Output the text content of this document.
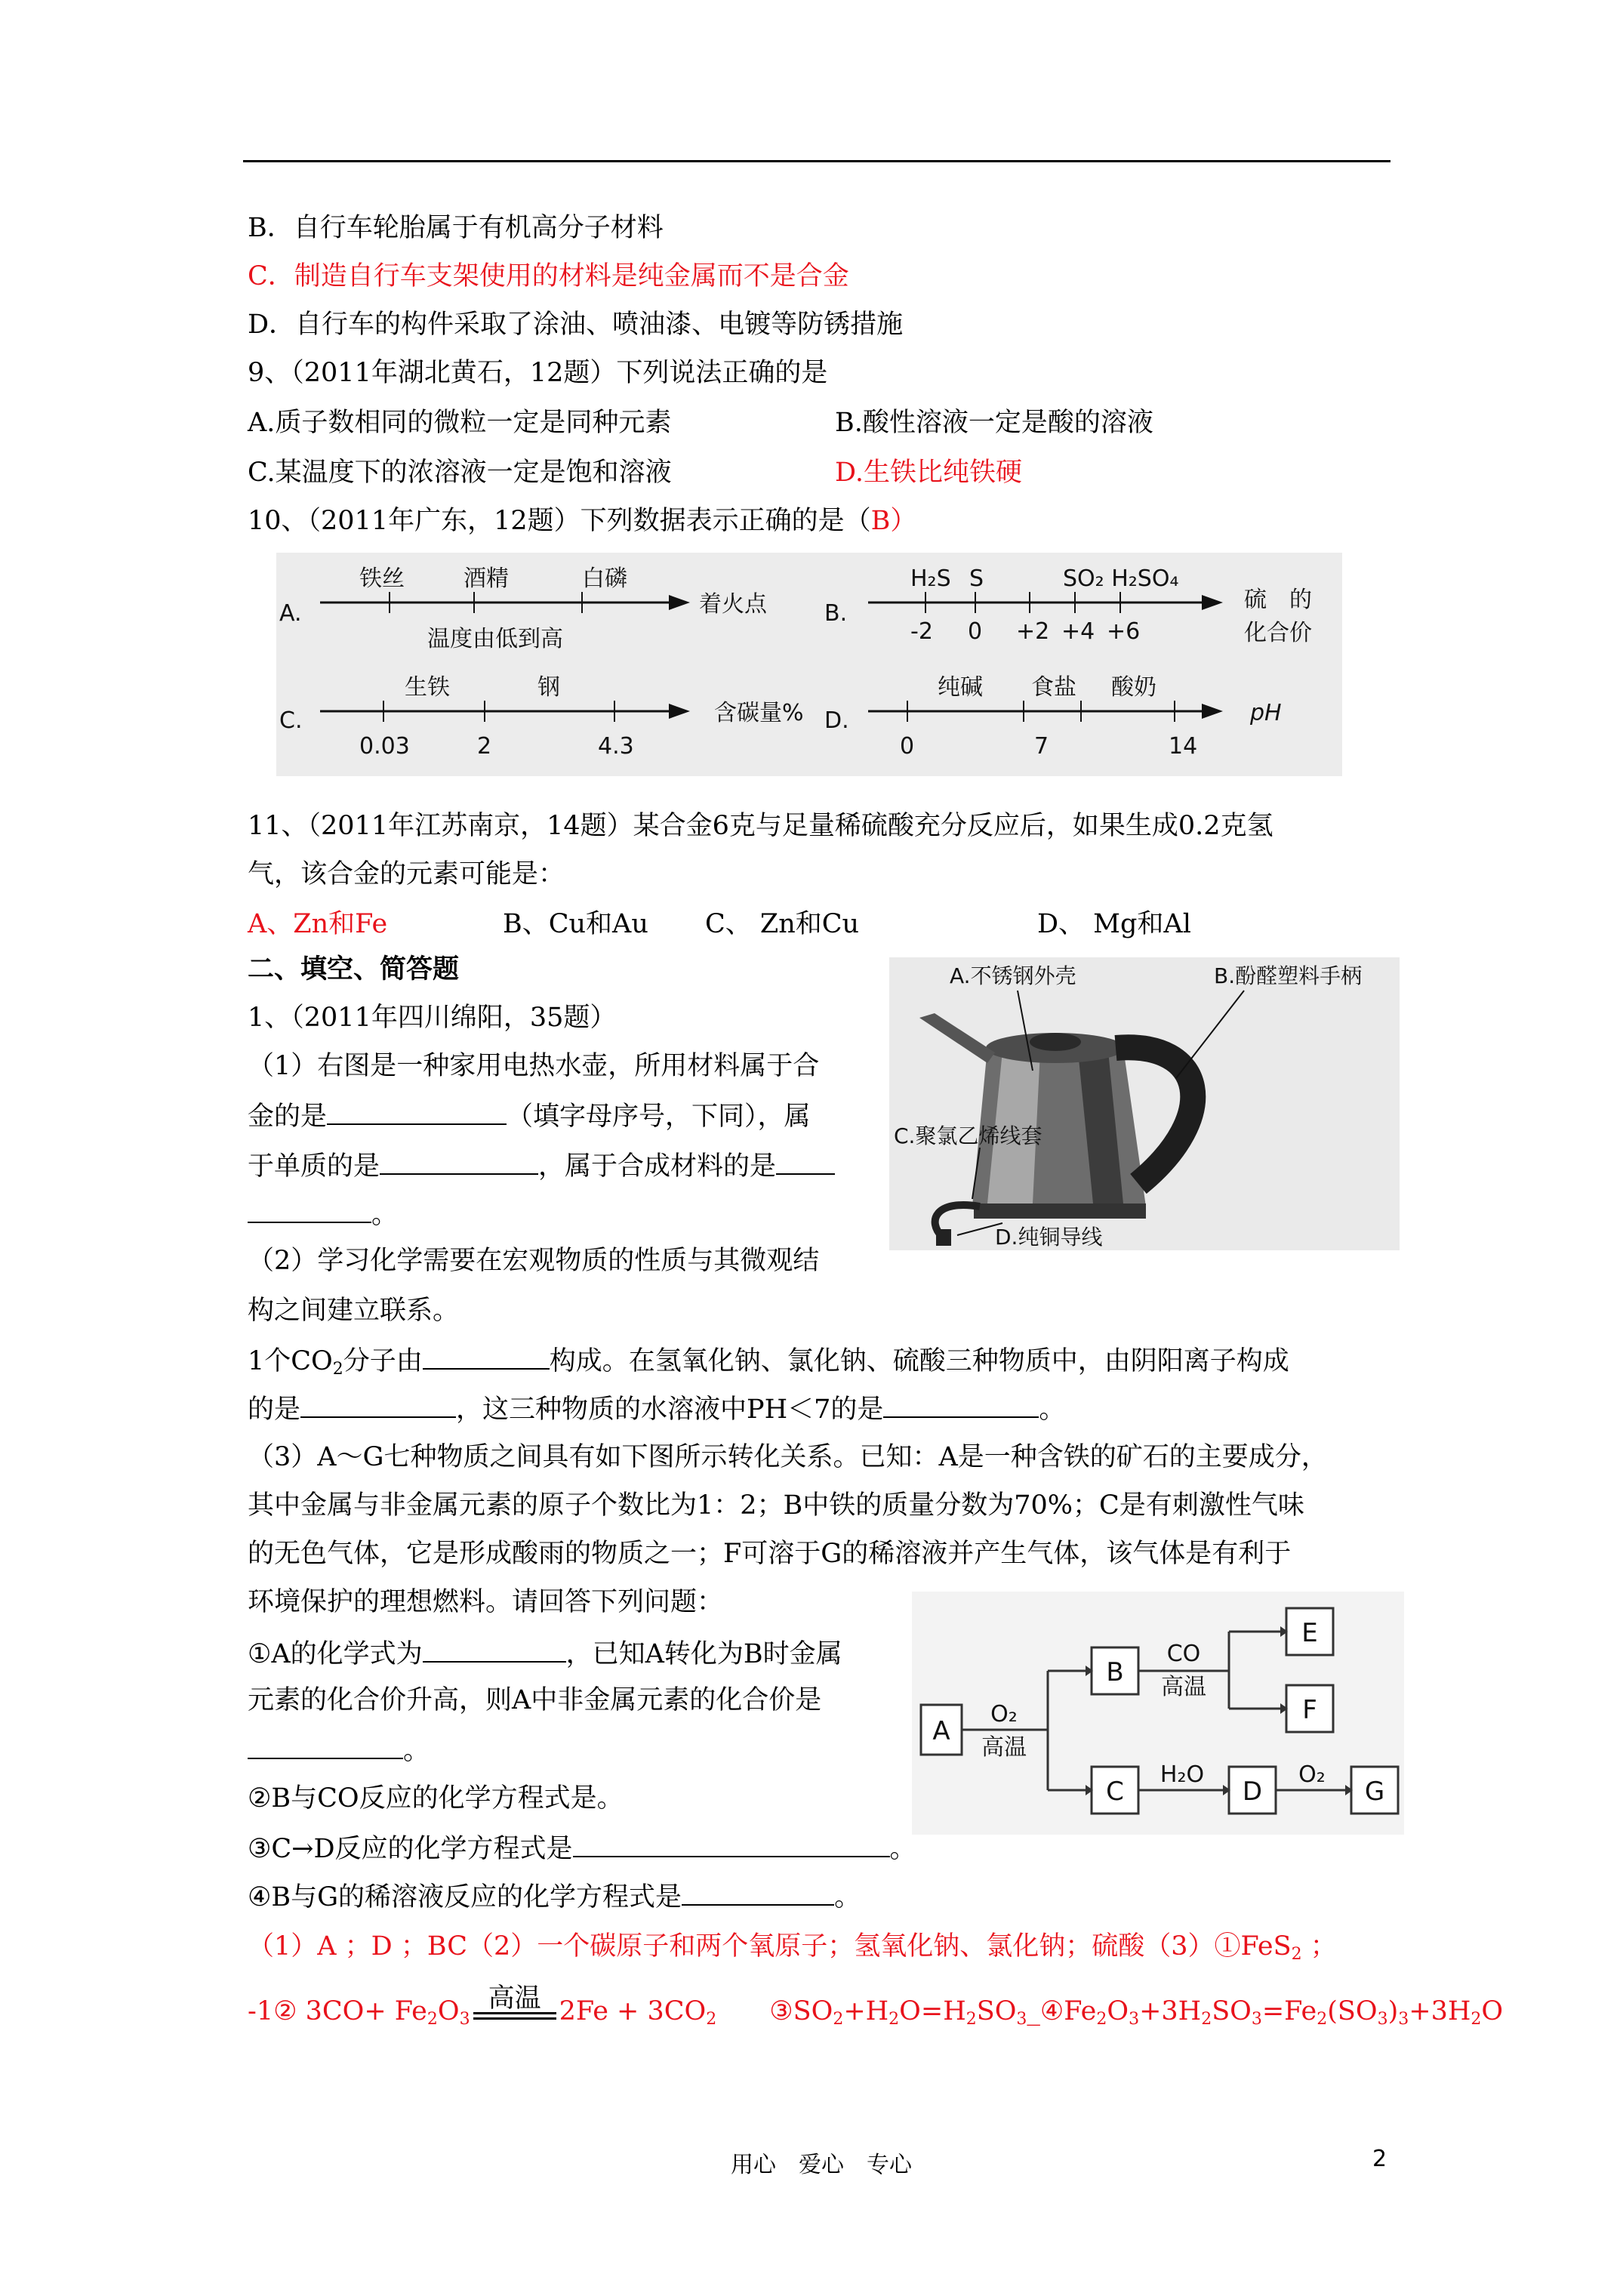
B．自行车轮胎属于有机高分子材料
C．制造自行车支架使用的材料是纯金属而不是合金
D．自行车的构件采取了涂油、喷油漆、电镀等防锈措施
9、（2011年湖北黄石，12题）下列说法正确的是
A.质子数相同的微粒一定是同种元素	B.酸性溶液一定是酸的溶液
C.某温度下的浓溶液一定是饱和溶液	D.生铁比纯铁硬
10、（2011年广东，12题）下列数据表示正确的是（B）
A.
铁丝	酒精	白磷
着火点
温度由低到高
B.
H₂S S	SO₂ H₂SO₄
-2 0 +2 +4 +6
硫　的
化合价
C.
生铁	钢
0.03	2	4.3
含碳量% D.
纯碱 食盐 酸奶
0	7	14
pH
11、（2011年江苏南京，14题）某合金6克与足量稀硫酸充分反应后，如果生成0.2克氢
气，该合金的元素可能是：
A、Zn和Fe	B、Cu和Au C、 Zn和Cu	D、 Mg和Al
二、填空、简答题
1、（2011年四川绵阳，35题）
（1）右图是一种家用电热水壶，所用材料属于合
金的是	（填字母序号，下同），属
于单质的是	，属于合成材料的是
。
A.不锈钢外壳	B.酚醛塑料手柄
C.聚氯乙烯线套
D.纯铜导线
（2）学习化学需要在宏观物质的性质与其微观结
构之间建立联系。
1个$CO_2$分子由	构成。在氢氧化钠、氯化钠、硫酸三种物质中，由阴阳离子构成
的是	，这三种物质的水溶液中PH＜7的是	。
（3）A～G七种物质之间具有如下图所示转化关系。已知：A是一种含铁的矿石的主要成分，
其中金属与非金属元素的原子个数比为1：2；B中铁的质量分数为70%；C是有刺激性气味
的无色气体，它是形成酸雨的物质之一；F可溶于G的稀溶液并产生气体，该气体是有利于
环境保护的理想燃料。请回答下列问题：
A
B
C	D
E
F
G
O₂
高温
CO
高温
H₂O	O₂
①A的化学式为	，已知A转化为B时金属
元素的化合价升高，则A中非金属元素的化合价是
。
②B与CO反应的化学方程式是。
③C→D反应的化学方程式是	。
④B与G的稀溶液反应的化学方程式是	。
（1）A ；D ；BC（2）一个碳原子和两个氧原子；氢氧化钠、氯化钠；硫酸（3）①FeS$_2$ ；
-1② $3CO+ Fe_2O_3$
高温 $2Fe + 3CO_2$ $③SO_2+H_2O=H_2SO_3\_④Fe_2O_3+3H_2SO_3=Fe_2(SO_3)_3+3H_2O$
用心　爱心　专心	2
